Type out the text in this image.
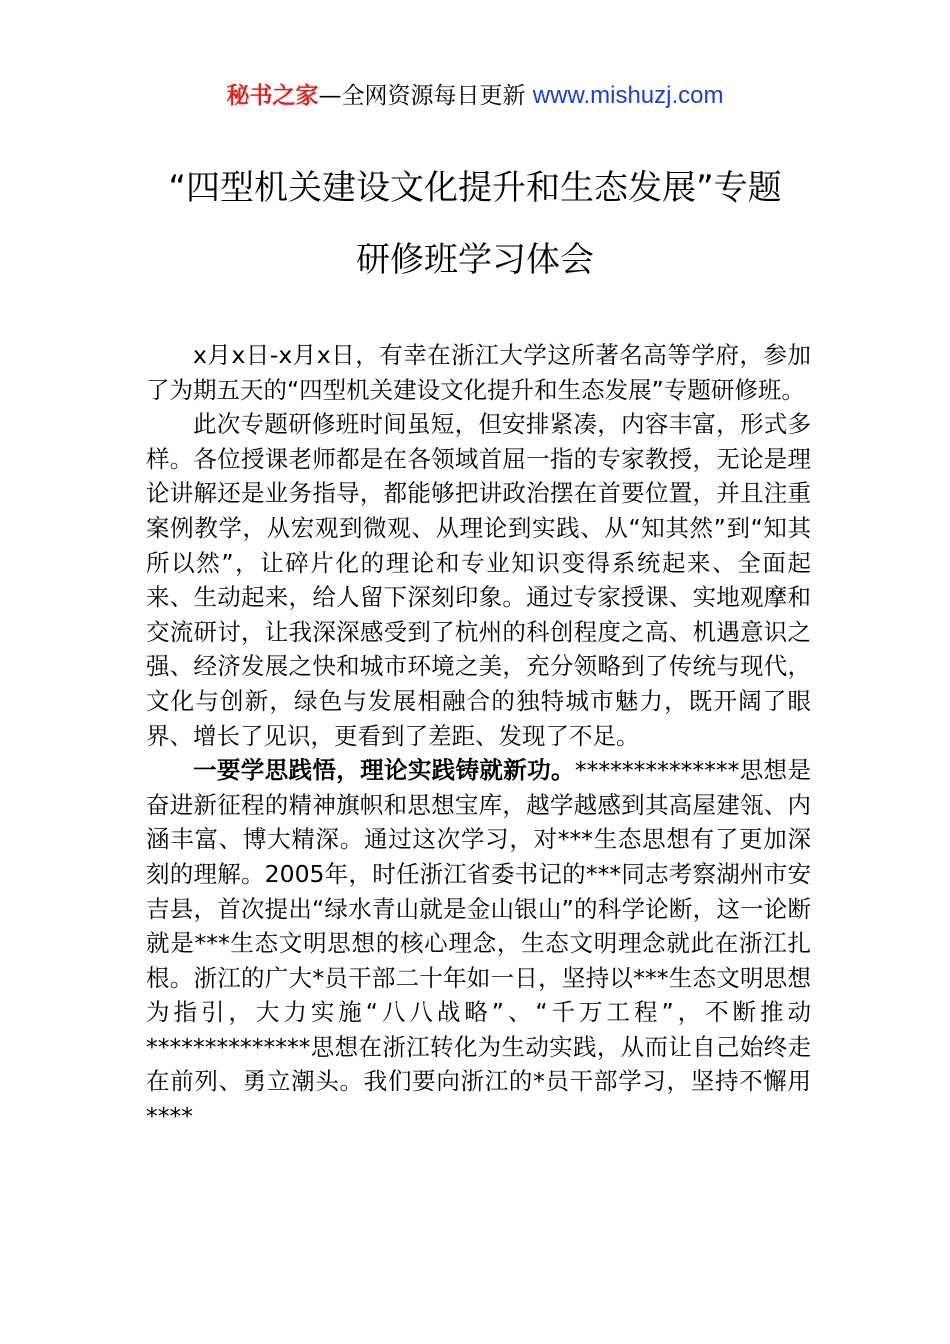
秘书之家—全网资源每日更新 www.mishuzj.com
“四型机关建设文化提升和生态发展”专题
研修班学习体会

x月x日-x月x日，有幸在浙江大学这所著名高等学府，参加了为期五天的“四型机关建设文化提升和生态发展”专题研修班。

此次专题研修班时间虽短，但安排紧凑，内容丰富，形式多样。各位授课老师都是在各领域首屈一指的专家教授，无论是理论讲解还是业务指导，都能够把讲政治摆在首要位置，并且注重案例教学，从宏观到微观、从理论到实践、从“知其然”到“知其所以然”，让碎片化的理论和专业知识变得系统起来、全面起来、生动起来，给人留下深刻印象。通过专家授课、实地观摩和交流研讨，让我深深感受到了杭州的科创程度之高、机遇意识之强、经济发展之快和城市环境之美，充分领略到了传统与现代，文化与创新，绿色与发展相融合的独特城市魅力，既开阔了眼界、增长了见识，更看到了差距、发现了不足。

一要学思践悟，理论实践铸就新功。**************思想是奋进新征程的精神旗帜和思想宝库，越学越感到其高屋建瓴、内涵丰富、博大精深。通过这次学习，对***生态思想有了更加深刻的理解。2005年，时任浙江省委书记的***同志考察湖州市安吉县，首次提出“绿水青山就是金山银山”的科学论断，这一论断就是***生态文明思想的核心理念，生态文明理念就此在浙江扎根。浙江的广大*员干部二十年如一日，坚持以***生态文明思想为指引，大力实施“八八战略”、“千万工程”，不断推动**************思想在浙江转化为生动实践，从而让自己始终走在前列、勇立潮头。我们要向浙江的*员干部学习，坚持不懈用****
